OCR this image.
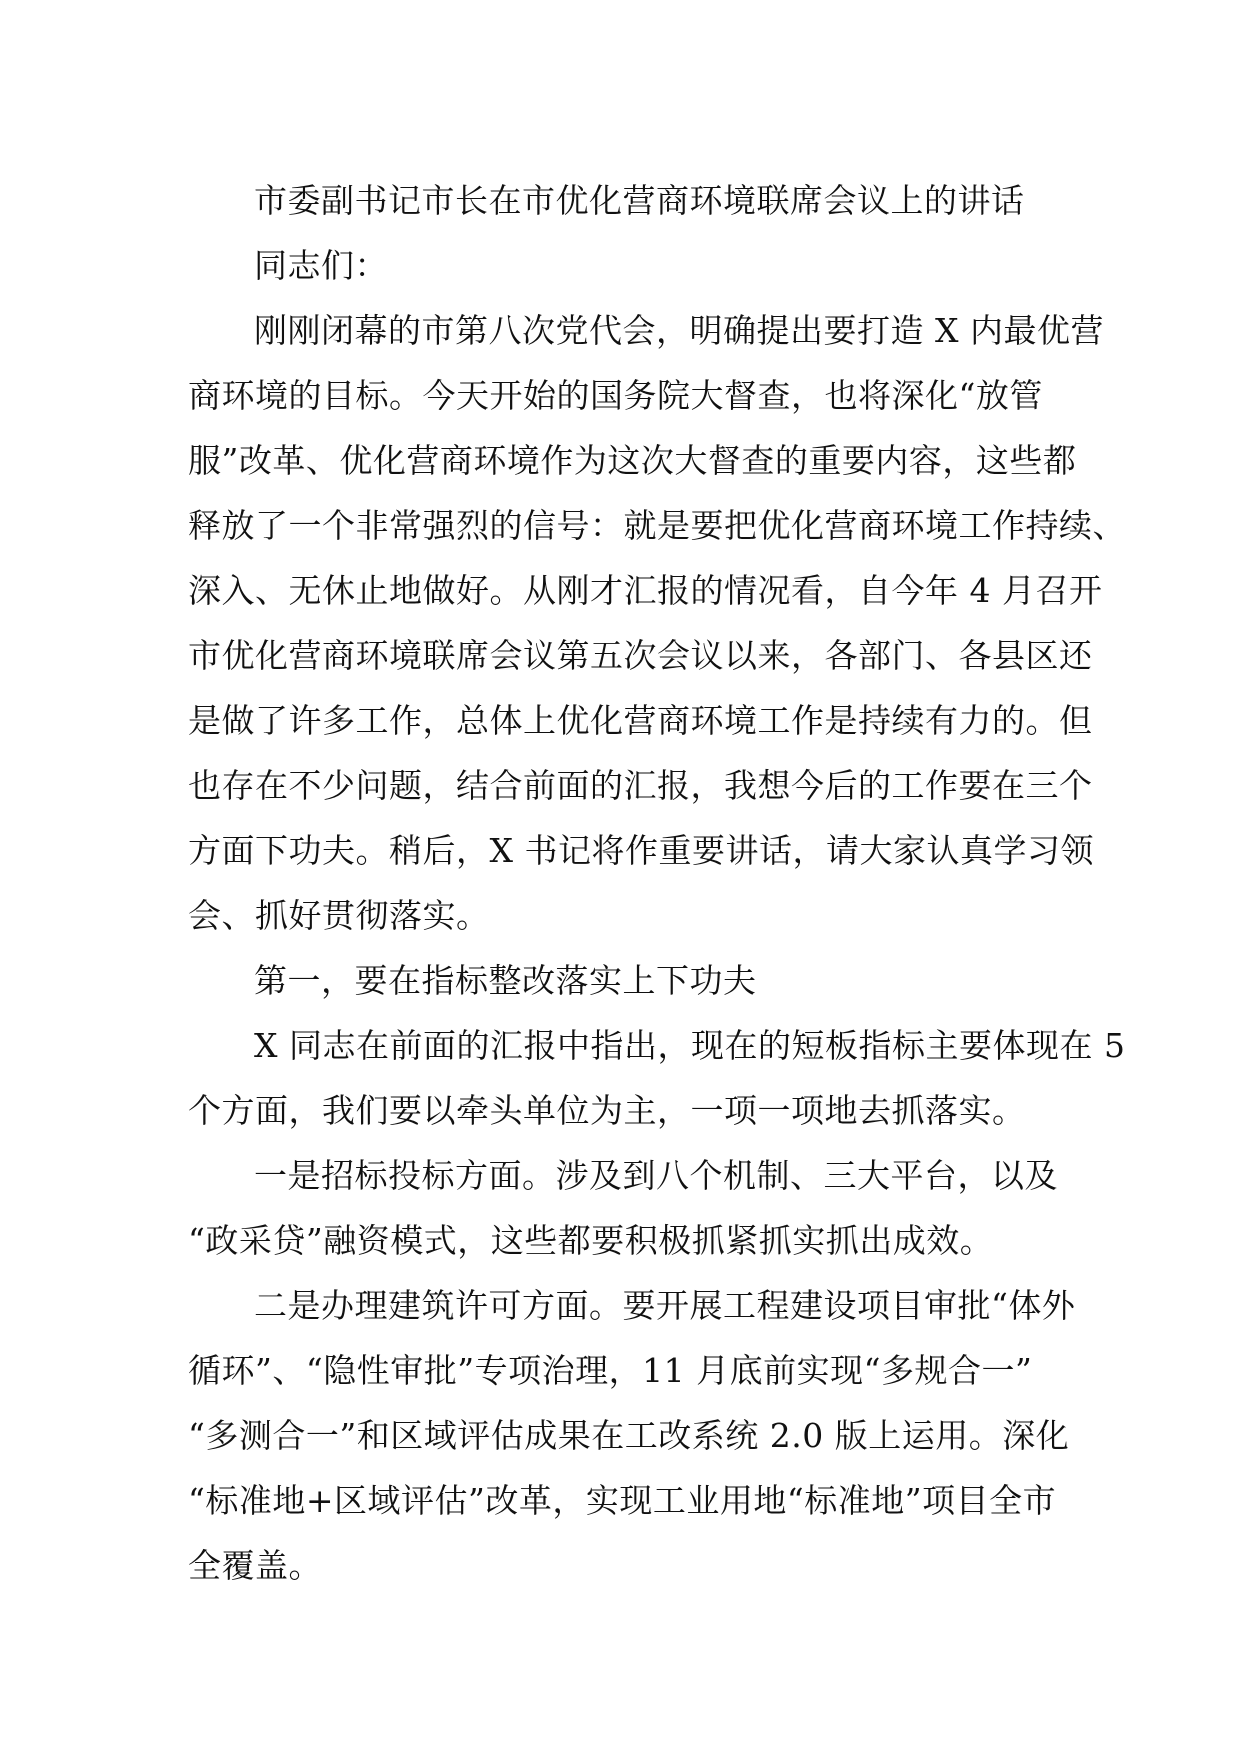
市委副书记市长在市优化营商环境联席会议上的讲话

同志们：

刚刚闭幕的市第八次党代会，明确提出要打造 X 内最优营
商环境的目标。今天开始的国务院大督查，也将深化“放管
服”改革、优化营商环境作为这次大督查的重要内容，这些都
释放了一个非常强烈的信号：就是要把优化营商环境工作持续、
深入、无休止地做好。从刚才汇报的情况看，自今年 4 月召开
市优化营商环境联席会议第五次会议以来，各部门、各县区还
是做了许多工作，总体上优化营商环境工作是持续有力的。但
也存在不少问题，结合前面的汇报，我想今后的工作要在三个
方面下功夫。稍后，X 书记将作重要讲话，请大家认真学习领
会、抓好贯彻落实。

第一，要在指标整改落实上下功夫

X 同志在前面的汇报中指出，现在的短板指标主要体现在 5
个方面，我们要以牵头单位为主，一项一项地去抓落实。

一是招标投标方面。涉及到八个机制、三大平台，以及
“政采贷”融资模式，这些都要积极抓紧抓实抓出成效。

二是办理建筑许可方面。要开展工程建设项目审批“体外
循环”、“隐性审批”专项治理，11 月底前实现“多规合一”
“多测合一”和区域评估成果在工改系统 2.0 版上运用。深化
“标准地+区域评估”改革，实现工业用地“标准地”项目全市
全覆盖。
